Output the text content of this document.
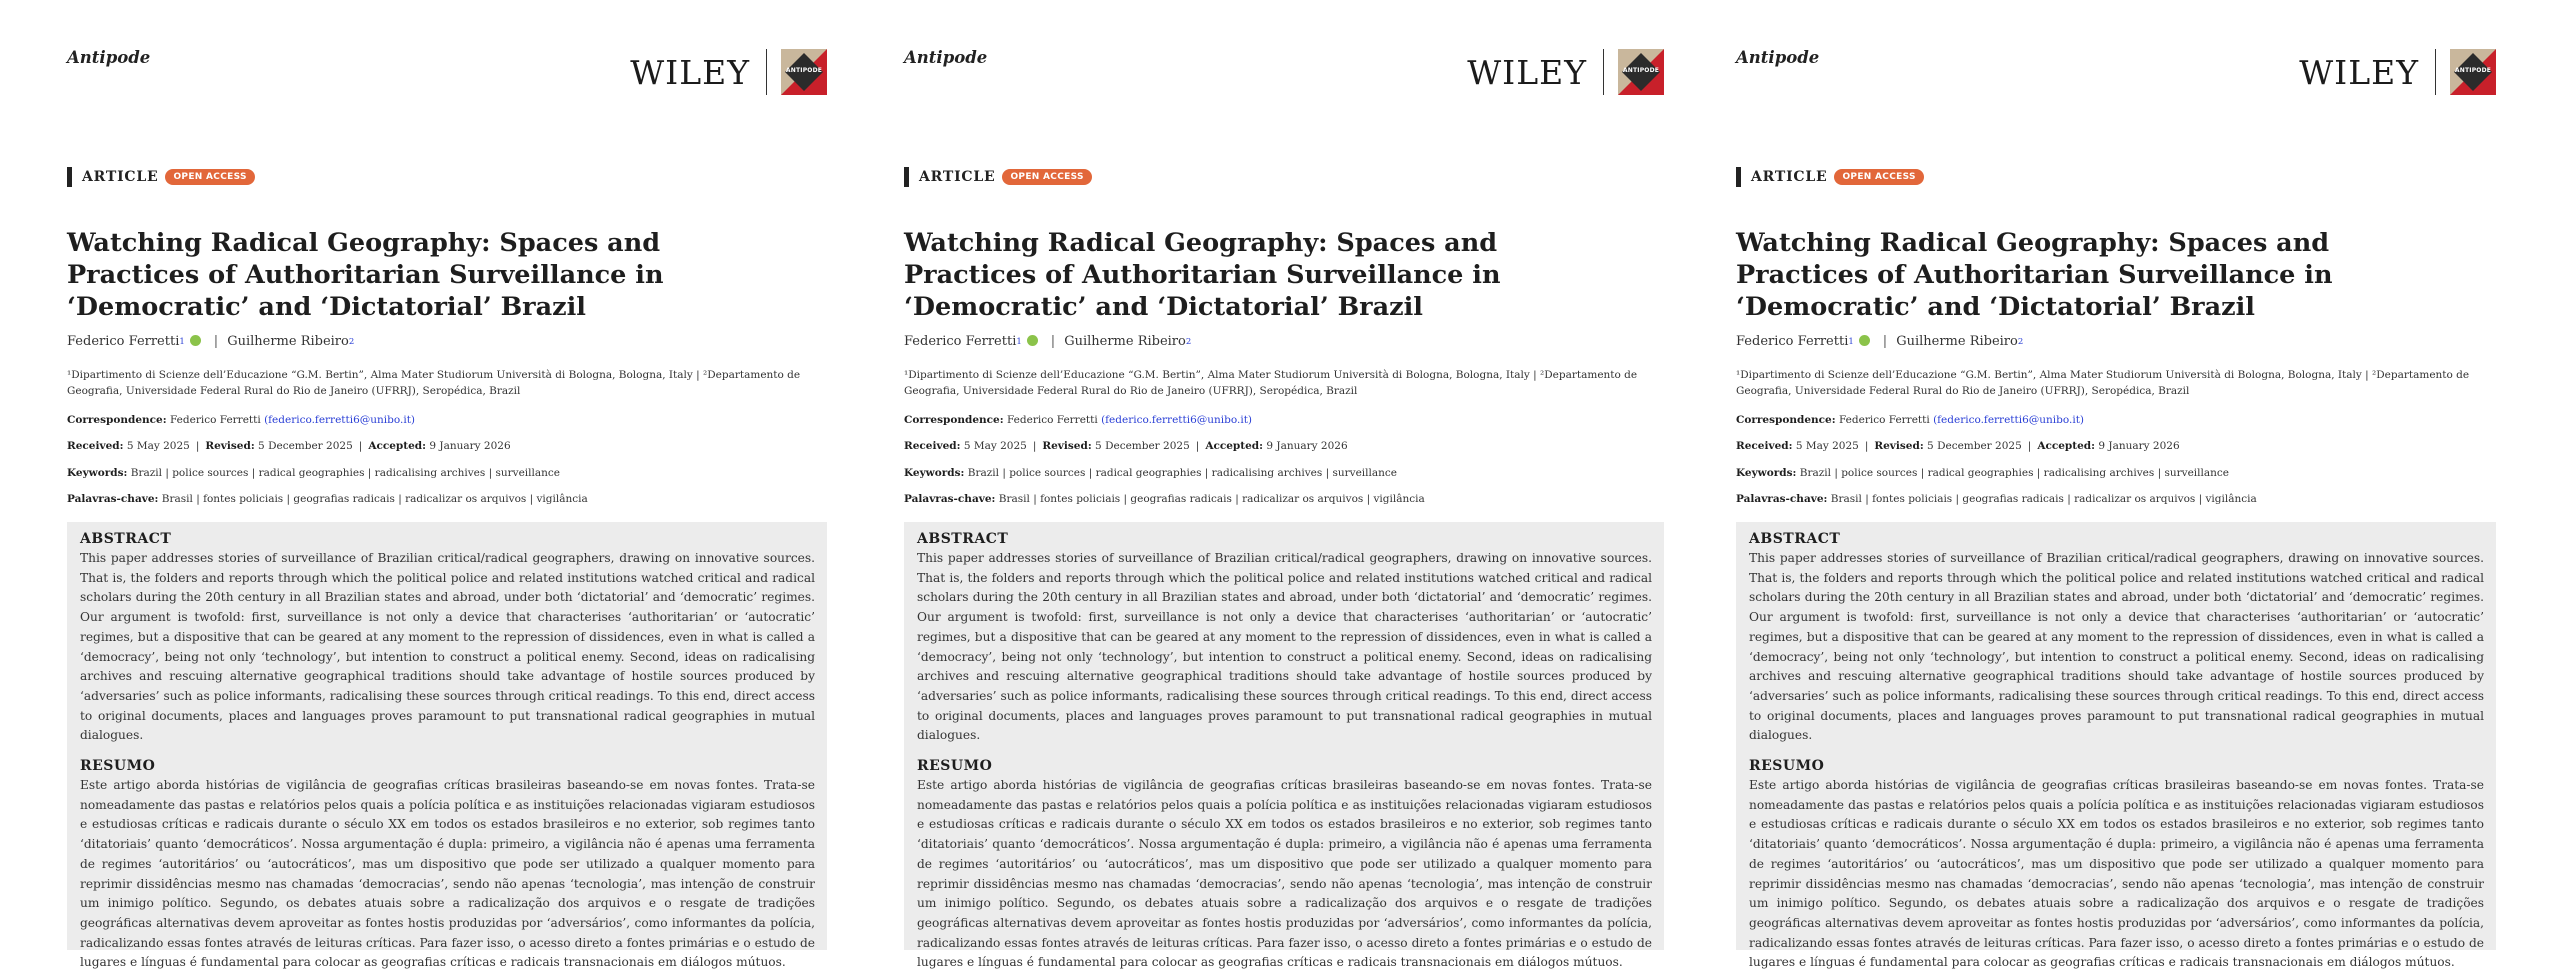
Antipode	WILEY	ANTIPODE
ARTICLE	OPEN ACCESS
Watching Radical Geography: Spaces and Practices of Authoritarian Surveillance in ‘Democratic’ and ‘Dictatorial’ Brazil
Federico Ferretti 1 | Guilherme Ribeiro 2
¹Dipartimento di Scienze dell’Educazione “G.M. Bertin”, Alma Mater Studiorum Università di Bologna, Bologna, Italy | ²Departamento de Geografia, Universidade Federal Rural do Rio de Janeiro (UFRRJ), Seropédica, Brazil
Correspondence: Federico Ferretti (federico.ferretti6@unibo.it)
Received: 5 May 2025 | Revised: 5 December 2025 | Accepted: 9 January 2026
Keywords: Brazil | police sources | radical geographies | radicalising archives | surveillance
Palavras-chave: Brasil | fontes policiais | geografias radicais | radicalizar os arquivos | vigilância
ABSTRACT

This paper addresses stories of surveillance of Brazilian critical/radical geographers, drawing on innovative sources. That is, the folders and reports through which the political police and related institutions watched critical and radical scholars during the 20th century in all Brazilian states and abroad, under both ‘dictatorial’ and ‘democratic’ regimes. Our argument is twofold: first, surveillance is not only a device that characterises ‘authoritarian’ or ‘autocratic’ regimes, but a dispositive that can be geared at any moment to the repression of dissidences, even in what is called a ‘democracy’, being not only ‘technology’, but intention to construct a political enemy. Second, ideas on radicalising archives and rescuing alternative geographical traditions should take advantage of hostile sources produced by ‘adversaries’ such as police informants, radicalising these sources through critical readings. To this end, direct access to original documents, places and languages proves paramount to put transnational radical geographies in mutual dialogues.

RESUMO

Este artigo aborda histórias de vigilância de geografias críticas brasileiras baseando-se em novas fontes. Trata-se nomeadamente das pastas e relatórios pelos quais a polícia política e as instituições relacionadas vigiaram estudiosos e estudiosas críticas e radicais durante o século XX em todos os estados brasileiros e no exterior, sob regimes tanto ‘ditatoriais’ quanto ‘democráticos’. Nossa argumentação é dupla: primeiro, a vigilância não é apenas uma ferramenta de regimes ‘autoritários’ ou ‘autocráticos’, mas um dispositivo que pode ser utilizado a qualquer momento para reprimir dissidências mesmo nas chamadas ‘democracias’, sendo não apenas ‘tecnologia’, mas intenção de construir um inimigo político. Segundo, os debates atuais sobre a radicalização dos arquivos e o resgate de tradições geográficas alternativas devem aproveitar as fontes hostis produzidas por ‘adversários’, como informantes da polícia, radicalizando essas fontes através de leituras críticas. Para fazer isso, o acesso direto a fontes primárias e o estudo de lugares e línguas é fundamental para colocar as geografias críticas e radicais transnacionais em diálogos mútuos.

Antipode	WILEY	ANTIPODE
ARTICLE	OPEN ACCESS
Watching Radical Geography: Spaces and Practices of Authoritarian Surveillance in ‘Democratic’ and ‘Dictatorial’ Brazil
Federico Ferretti 1 | Guilherme Ribeiro 2
¹Dipartimento di Scienze dell’Educazione “G.M. Bertin”, Alma Mater Studiorum Università di Bologna, Bologna, Italy | ²Departamento de Geografia, Universidade Federal Rural do Rio de Janeiro (UFRRJ), Seropédica, Brazil
Correspondence: Federico Ferretti (federico.ferretti6@unibo.it)
Received: 5 May 2025 | Revised: 5 December 2025 | Accepted: 9 January 2026
Keywords: Brazil | police sources | radical geographies | radicalising archives | surveillance
Palavras-chave: Brasil | fontes policiais | geografias radicais | radicalizar os arquivos | vigilância
ABSTRACT

This paper addresses stories of surveillance of Brazilian critical/radical geographers, drawing on innovative sources. That is, the folders and reports through which the political police and related institutions watched critical and radical scholars during the 20th century in all Brazilian states and abroad, under both ‘dictatorial’ and ‘democratic’ regimes. Our argument is twofold: first, surveillance is not only a device that characterises ‘authoritarian’ or ‘autocratic’ regimes, but a dispositive that can be geared at any moment to the repression of dissidences, even in what is called a ‘democracy’, being not only ‘technology’, but intention to construct a political enemy. Second, ideas on radicalising archives and rescuing alternative geographical traditions should take advantage of hostile sources produced by ‘adversaries’ such as police informants, radicalising these sources through critical readings. To this end, direct access to original documents, places and languages proves paramount to put transnational radical geographies in mutual dialogues.

RESUMO

Este artigo aborda histórias de vigilância de geografias críticas brasileiras baseando-se em novas fontes. Trata-se nomeadamente das pastas e relatórios pelos quais a polícia política e as instituições relacionadas vigiaram estudiosos e estudiosas críticas e radicais durante o século XX em todos os estados brasileiros e no exterior, sob regimes tanto ‘ditatoriais’ quanto ‘democráticos’. Nossa argumentação é dupla: primeiro, a vigilância não é apenas uma ferramenta de regimes ‘autoritários’ ou ‘autocráticos’, mas um dispositivo que pode ser utilizado a qualquer momento para reprimir dissidências mesmo nas chamadas ‘democracias’, sendo não apenas ‘tecnologia’, mas intenção de construir um inimigo político. Segundo, os debates atuais sobre a radicalização dos arquivos e o resgate de tradições geográficas alternativas devem aproveitar as fontes hostis produzidas por ‘adversários’, como informantes da polícia, radicalizando essas fontes através de leituras críticas. Para fazer isso, o acesso direto a fontes primárias e o estudo de lugares e línguas é fundamental para colocar as geografias críticas e radicais transnacionais em diálogos mútuos.

Antipode	WILEY	ANTIPODE
ARTICLE	OPEN ACCESS
Watching Radical Geography: Spaces and Practices of Authoritarian Surveillance in ‘Democratic’ and ‘Dictatorial’ Brazil
Federico Ferretti 1 | Guilherme Ribeiro 2
¹Dipartimento di Scienze dell’Educazione “G.M. Bertin”, Alma Mater Studiorum Università di Bologna, Bologna, Italy | ²Departamento de Geografia, Universidade Federal Rural do Rio de Janeiro (UFRRJ), Seropédica, Brazil
Correspondence: Federico Ferretti (federico.ferretti6@unibo.it)
Received: 5 May 2025 | Revised: 5 December 2025 | Accepted: 9 January 2026
Keywords: Brazil | police sources | radical geographies | radicalising archives | surveillance
Palavras-chave: Brasil | fontes policiais | geografias radicais | radicalizar os arquivos | vigilância
ABSTRACT

This paper addresses stories of surveillance of Brazilian critical/radical geographers, drawing on innovative sources. That is, the folders and reports through which the political police and related institutions watched critical and radical scholars during the 20th century in all Brazilian states and abroad, under both ‘dictatorial’ and ‘democratic’ regimes. Our argument is twofold: first, surveillance is not only a device that characterises ‘authoritarian’ or ‘autocratic’ regimes, but a dispositive that can be geared at any moment to the repression of dissidences, even in what is called a ‘democracy’, being not only ‘technology’, but intention to construct a political enemy. Second, ideas on radicalising archives and rescuing alternative geographical traditions should take advantage of hostile sources produced by ‘adversaries’ such as police informants, radicalising these sources through critical readings. To this end, direct access to original documents, places and languages proves paramount to put transnational radical geographies in mutual dialogues.

RESUMO

Este artigo aborda histórias de vigilância de geografias críticas brasileiras baseando-se em novas fontes. Trata-se nomeadamente das pastas e relatórios pelos quais a polícia política e as instituições relacionadas vigiaram estudiosos e estudiosas críticas e radicais durante o século XX em todos os estados brasileiros e no exterior, sob regimes tanto ‘ditatoriais’ quanto ‘democráticos’. Nossa argumentação é dupla: primeiro, a vigilância não é apenas uma ferramenta de regimes ‘autoritários’ ou ‘autocráticos’, mas um dispositivo que pode ser utilizado a qualquer momento para reprimir dissidências mesmo nas chamadas ‘democracias’, sendo não apenas ‘tecnologia’, mas intenção de construir um inimigo político. Segundo, os debates atuais sobre a radicalização dos arquivos e o resgate de tradições geográficas alternativas devem aproveitar as fontes hostis produzidas por ‘adversários’, como informantes da polícia, radicalizando essas fontes através de leituras críticas. Para fazer isso, o acesso direto a fontes primárias e o estudo de lugares e línguas é fundamental para colocar as geografias críticas e radicais transnacionais em diálogos mútuos.
